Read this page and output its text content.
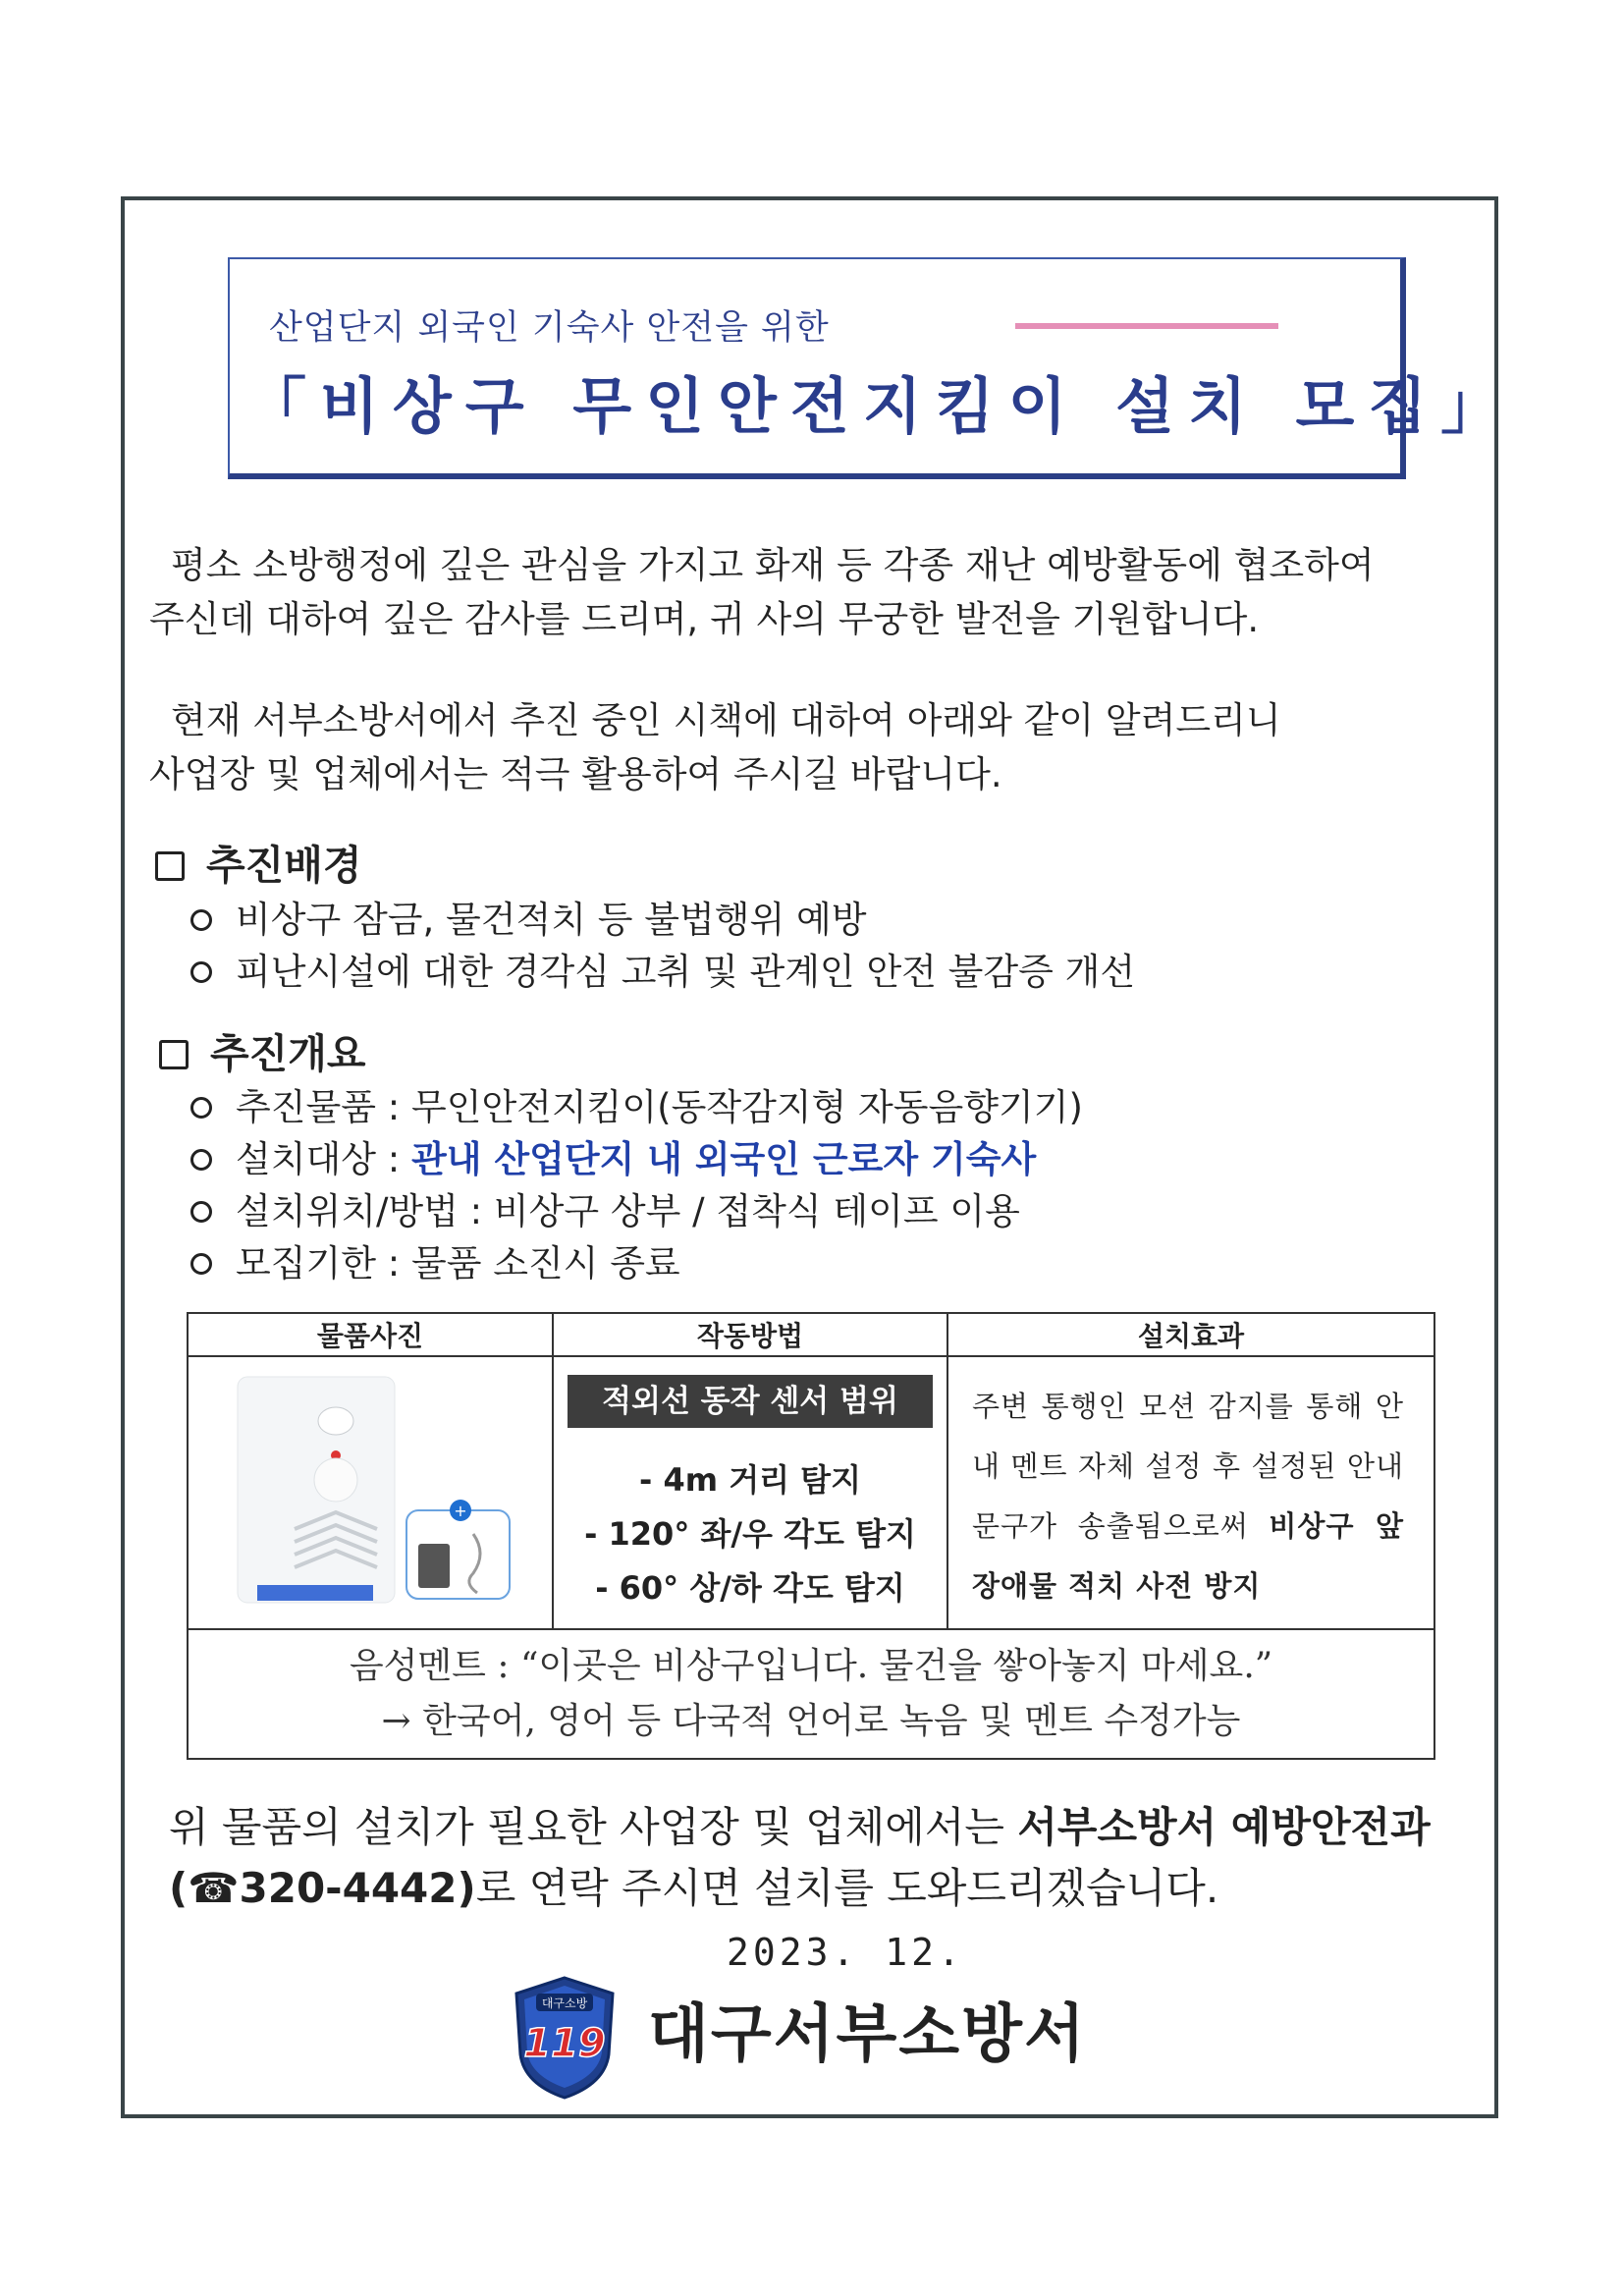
산업단지 외국인 기숙사 안전을 위한
「비상구 무인안전지킴이 설치 모집」
평소 소방행정에 깊은 관심을 가지고 화재 등 각종 재난 예방활동에 협조하여
주신데 대하여 깊은 감사를 드리며, 귀 사의 무궁한 발전을 기원합니다.
현재 서부소방서에서 추진 중인 시책에 대하여 아래와 같이 알려드리니
사업장 및 업체에서는 적극 활용하여 주시길 바랍니다.
추진배경
비상구 잠금, 물건적치 등 불법행위 예방
피난시설에 대한 경각심 고취 및 관계인 안전 불감증 개선
추진개요
추진물품 : 무인안전지킴이(동작감지형 자동음향기기)
설치대상 : 관내 산업단지 내 외국인 근로자 기숙사
설치위치/방법 : 비상구 상부 / 접착식 테이프 이용
모집기한 : 물품 소진시 종료
물품사진	작동방법	설치효과

+	적외선 동작 센서 범위
- 4m 거리 탐지
- 120° 좌/우 각도 탐지
- 60° 상/하 각도 탐지	주변 통행인 모션 감지를 통해 안내 멘트 자체 설정 후 설정된 안내문구가 송출됨으로써 비상구 앞 장애물 적치 사전 방지

음성멘트 : “이곳은 비상구입니다. 물건을 쌓아놓지 마세요.”
→ 한국어, 영어 등 다국적 언어로 녹음 및 멘트 수정가능		
위 물품의 설치가 필요한 사업장 및 업체에서는 서부소방서 예방안전과
(☎320-4442)로 연락 주시면 설치를 도와드리겠습니다.
2023. 12.
대구소방
119 대구서부소방서
